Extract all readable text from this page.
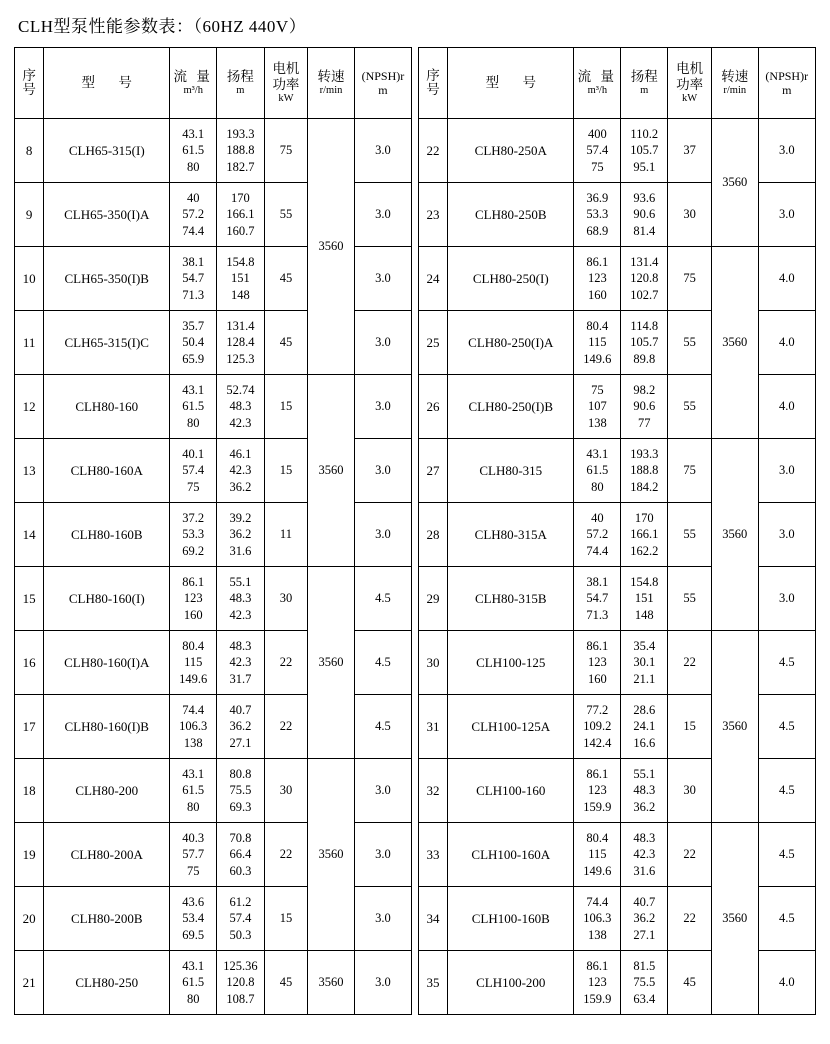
CLH型泵性能参数表：（60HZ 440V）
序
号	型 号	流 量
m³/h	扬程
m	电机
功率
kW	转速
r/min	(NPSH)r
m

8	CLH65-315(I)	43.1
61.5
80	193.3
188.8
182.7	75	3560	3.0
9	CLH65-350(I)A	40
57.2
74.4	170
166.1
160.7	55		3.0
10	CLH65-350(I)B	38.1
54.7
71.3	154.8
151
148	45		3.0
11	CLH65-315(I)C	35.7
50.4
65.9	131.4
128.4
125.3	45		3.0
12	CLH80-160	43.1
61.5
80	52.74
48.3
42.3	15	3560	3.0
13	CLH80-160A	40.1
57.4
75	46.1
42.3
36.2	15		3.0
14	CLH80-160B	37.2
53.3
69.2	39.2
36.2
31.6	11		3.0
15	CLH80-160(I)	86.1
123
160	55.1
48.3
42.3	30	3560	4.5
16	CLH80-160(I)A	80.4
115
149.6	48.3
42.3
31.7	22		4.5
17	CLH80-160(I)B	74.4
106.3
138	40.7
36.2
27.1	22		4.5
18	CLH80-200	43.1
61.5
80	80.8
75.5
69.3	30	3560	3.0
19	CLH80-200A	40.3
57.7
75	70.8
66.4
60.3	22		3.0
20	CLH80-200B	43.6
53.4
69.5	61.2
57.4
50.3	15		3.0
21	CLH80-250	43.1
61.5
80	125.36
120.8
108.7	45	3560	3.0
序
号	型 号	流 量
m³/h	扬程
m	电机
功率
kW	转速
r/min	(NPSH)r
m

22	CLH80-250A	400
57.4
75	110.2
105.7
95.1	37	3560	3.0
23	CLH80-250B	36.9
53.3
68.9	93.6
90.6
81.4	30		3.0
24	CLH80-250(I)	86.1
123
160	131.4
120.8
102.7	75	3560	4.0
25	CLH80-250(I)A	80.4
115
149.6	114.8
105.7
89.8	55		4.0
26	CLH80-250(I)B	75
107
138	98.2
90.6
77	55		4.0
27	CLH80-315	43.1
61.5
80	193.3
188.8
184.2	75	3560	3.0
28	CLH80-315A	40
57.2
74.4	170
166.1
162.2	55		3.0
29	CLH80-315B	38.1
54.7
71.3	154.8
151
148	55		3.0
30	CLH100-125	86.1
123
160	35.4
30.1
21.1	22	3560	4.5
31	CLH100-125A	77.2
109.2
142.4	28.6
24.1
16.6	15		4.5
32	CLH100-160	86.1
123
159.9	55.1
48.3
36.2	30		4.5
33	CLH100-160A	80.4
115
149.6	48.3
42.3
31.6	22	3560	4.5
34	CLH100-160B	74.4
106.3
138	40.7
36.2
27.1	22		4.5
35	CLH100-200	86.1
123
159.9	81.5
75.5
63.4	45		4.0
